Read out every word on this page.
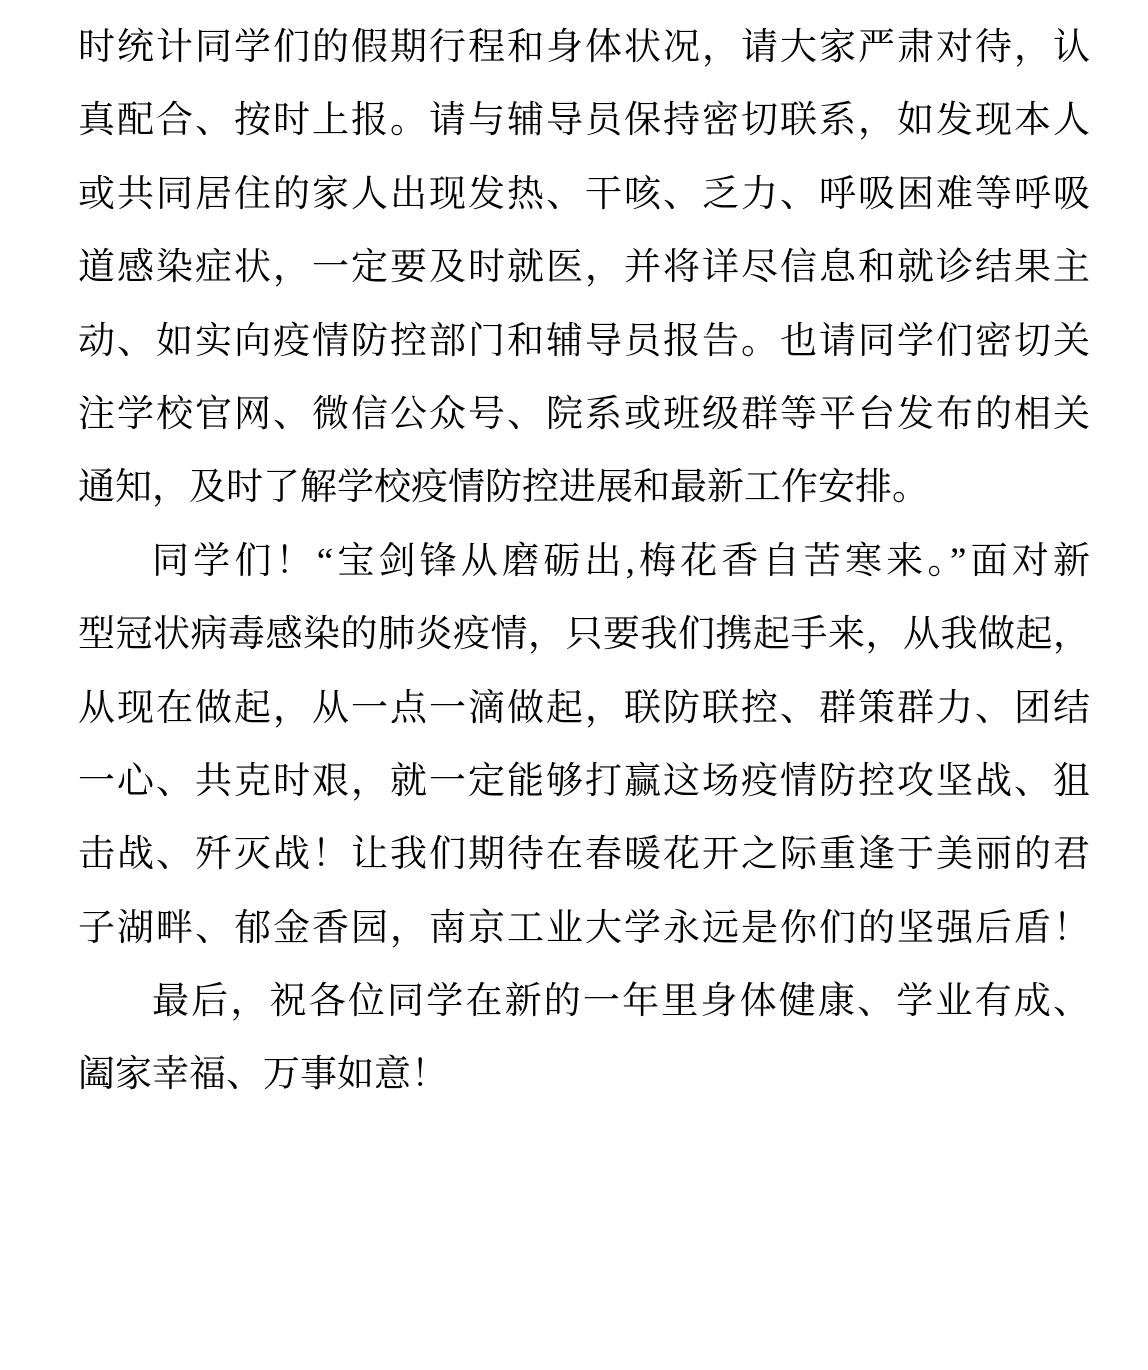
时统计同学们的假期行程和身体状况，请大家严肃对待，认
真配合、按时上报。请与辅导员保持密切联系，如发现本人
或共同居住的家人出现发热、干咳、乏力、呼吸困难等呼吸
道感染症状，一定要及时就医，并将详尽信息和就诊结果主
动、如实向疫情防控部门和辅导员报告。也请同学们密切关
注学校官网、微信公众号、院系或班级群等平台发布的相关
通知，及时了解学校疫情防控进展和最新工作安排。
同学们！“宝剑锋从磨砺出,梅花香自苦寒来。”面对新
型冠状病毒感染的肺炎疫情，只要我们携起手来，从我做起，
从现在做起，从一点一滴做起，联防联控、群策群力、团结
一心、共克时艰，就一定能够打赢这场疫情防控攻坚战、狙
击战、歼灭战！让我们期待在春暖花开之际重逢于美丽的君
子湖畔、郁金香园，南京工业大学永远是你们的坚强后盾！
最后，祝各位同学在新的一年里身体健康、学业有成、
阖家幸福、万事如意！
